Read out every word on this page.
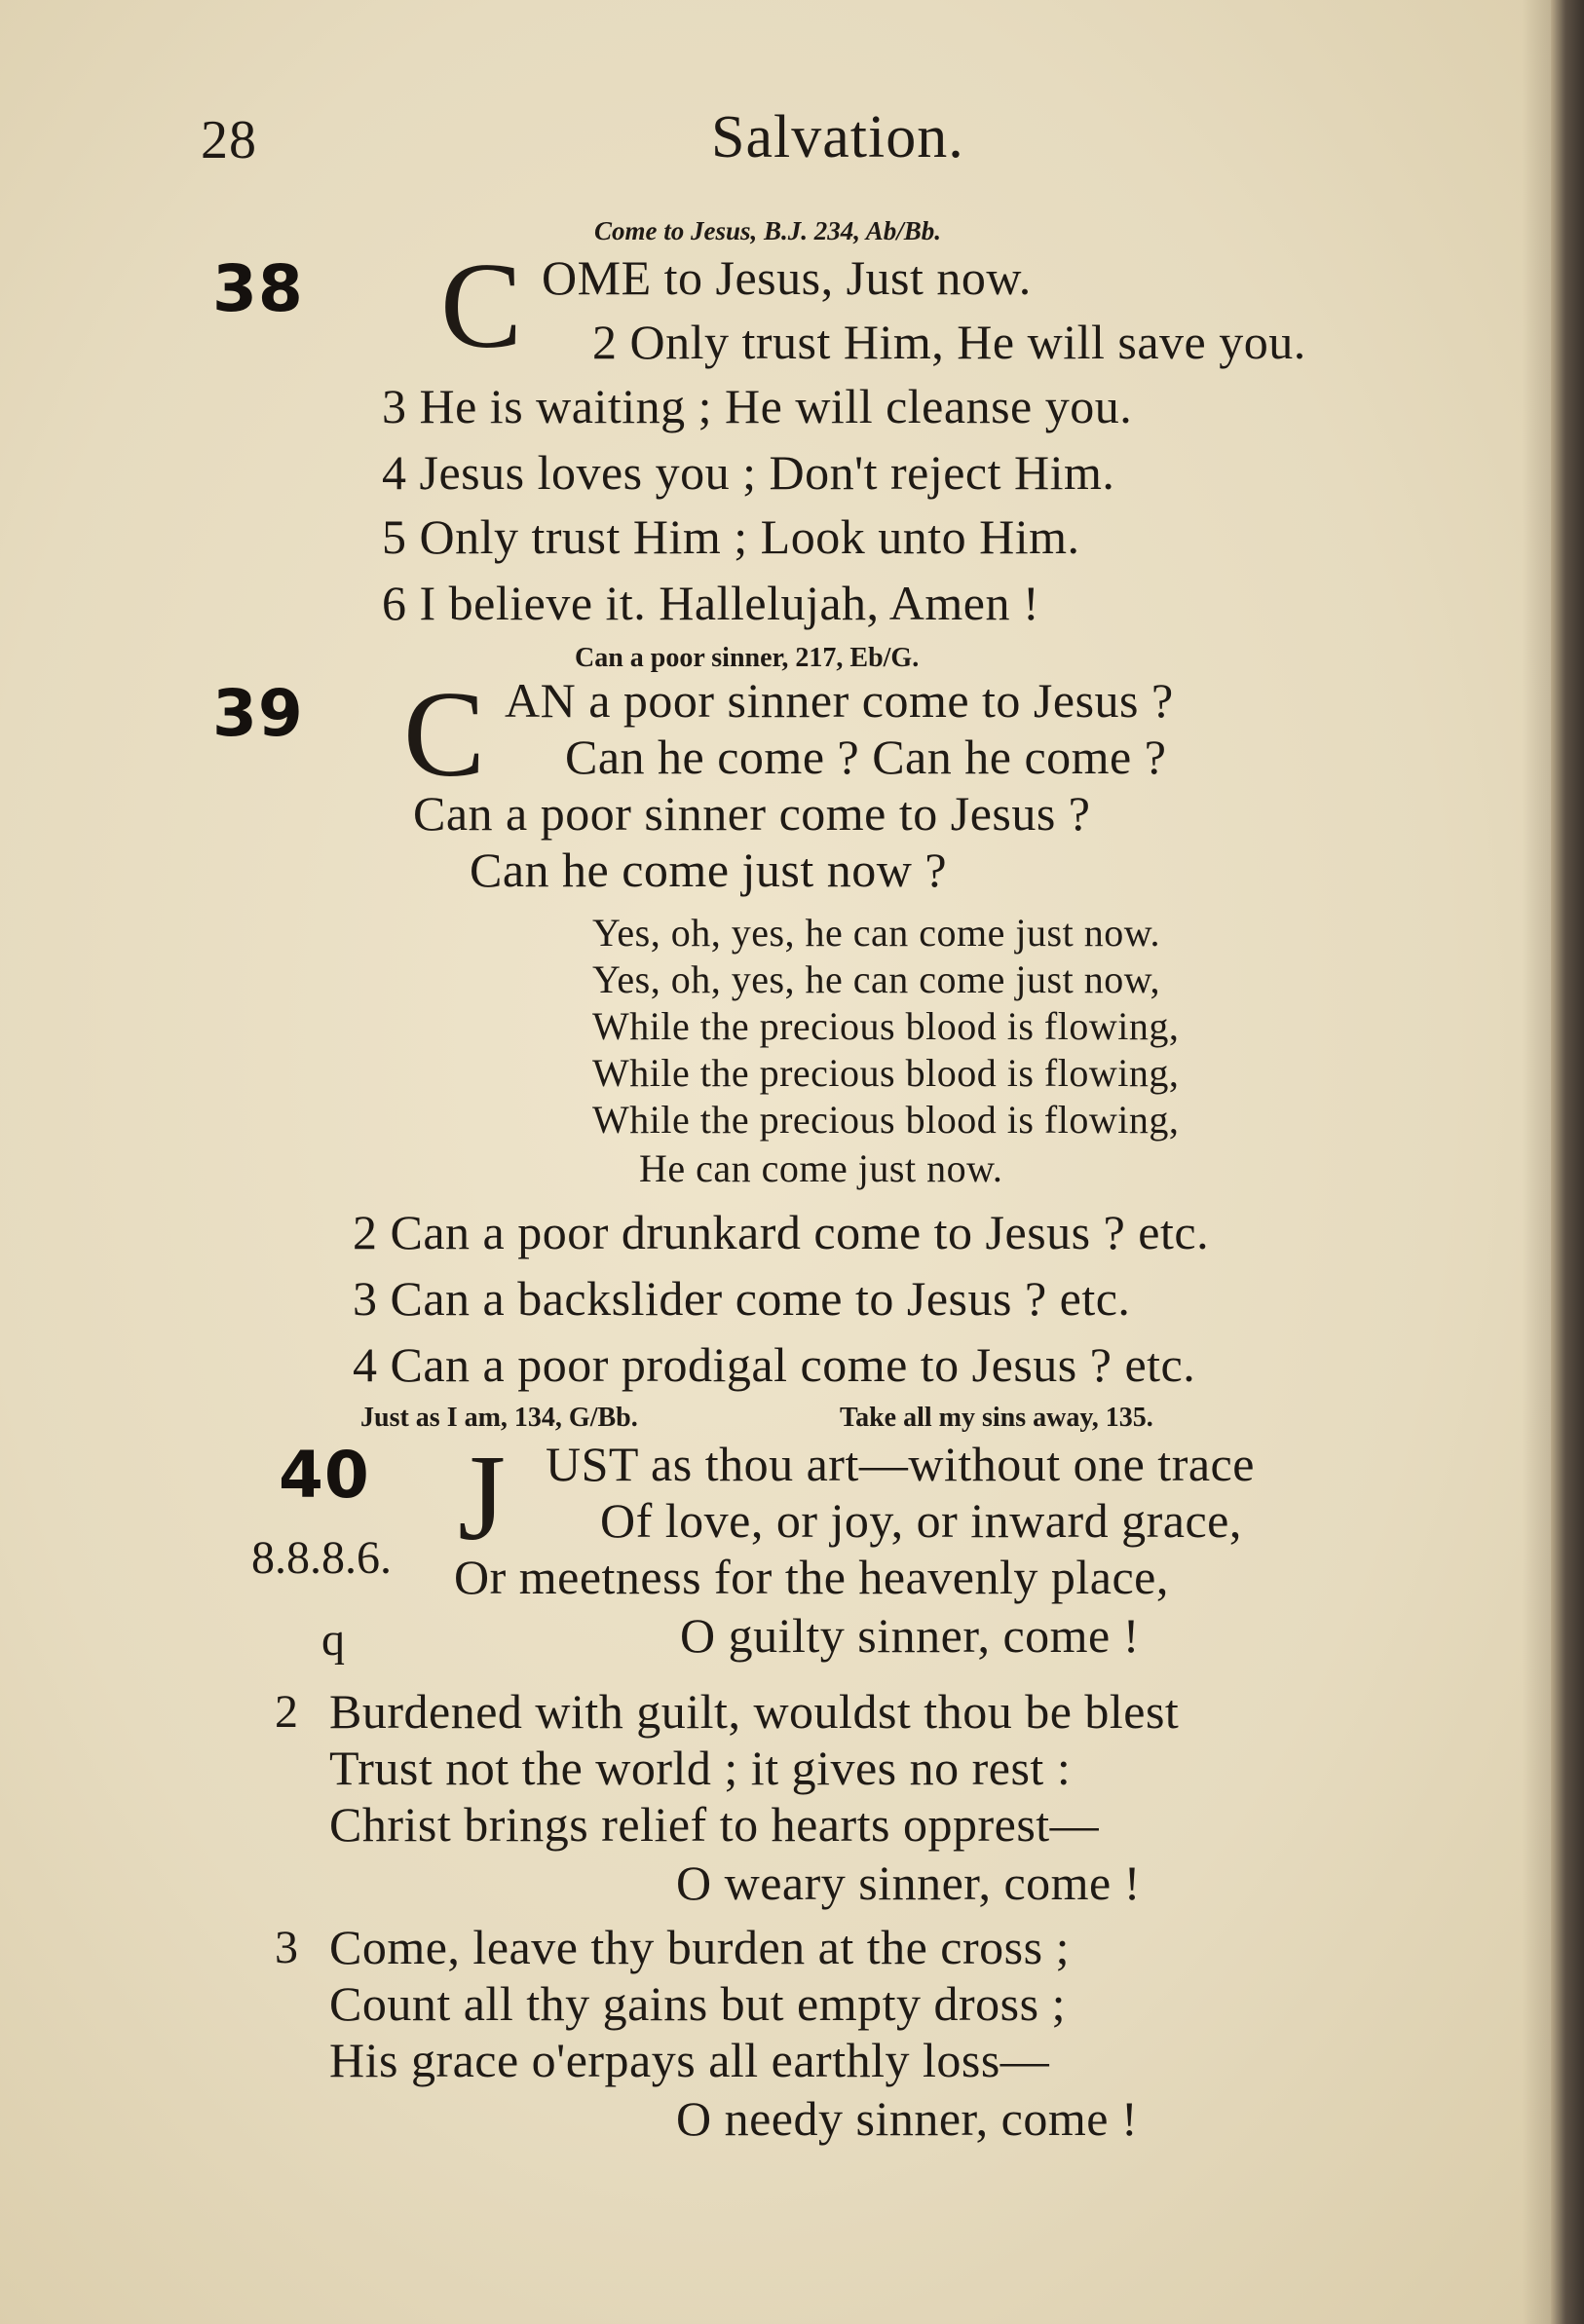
28	Salvation.
Come to Jesus, B.J. 234, Ab/Bb.
38 C OME to Jesus, Just now.
2 Only trust Him, He will save you.
3 He is waiting ; He will cleanse you.
4 Jesus loves you ; Don't reject Him.
5 Only trust Him ; Look unto Him.
6 I believe it. Hallelujah, Amen !
Can a poor sinner, 217, Eb/G.
39 C AN a poor sinner come to Jesus ?
Can he come ? Can he come ?
Can a poor sinner come to Jesus ?
Can he come just now ?
Yes, oh, yes, he can come just now.
Yes, oh, yes, he can come just now,
While the precious blood is flowing,
While the precious blood is flowing,
While the precious blood is flowing,
He can come just now.
2 Can a poor drunkard come to Jesus ? etc.
3 Can a backslider come to Jesus ? etc.
4 Can a poor prodigal come to Jesus ? etc.
Just as I am, 134, G/Bb.	Take all my sins away, 135.
40
8.8.8.6.
q
J UST as thou art—without one trace
Of love, or joy, or inward grace,
Or meetness for the heavenly place,
O guilty sinner, come !
2 Burdened with guilt, wouldst thou be blest
Trust not the world ; it gives no rest :
Christ brings relief to hearts opprest—
O weary sinner, come !
3 Come, leave thy burden at the cross ;
Count all thy gains but empty dross ;
His grace o'erpays all earthly loss—
O needy sinner, come !
